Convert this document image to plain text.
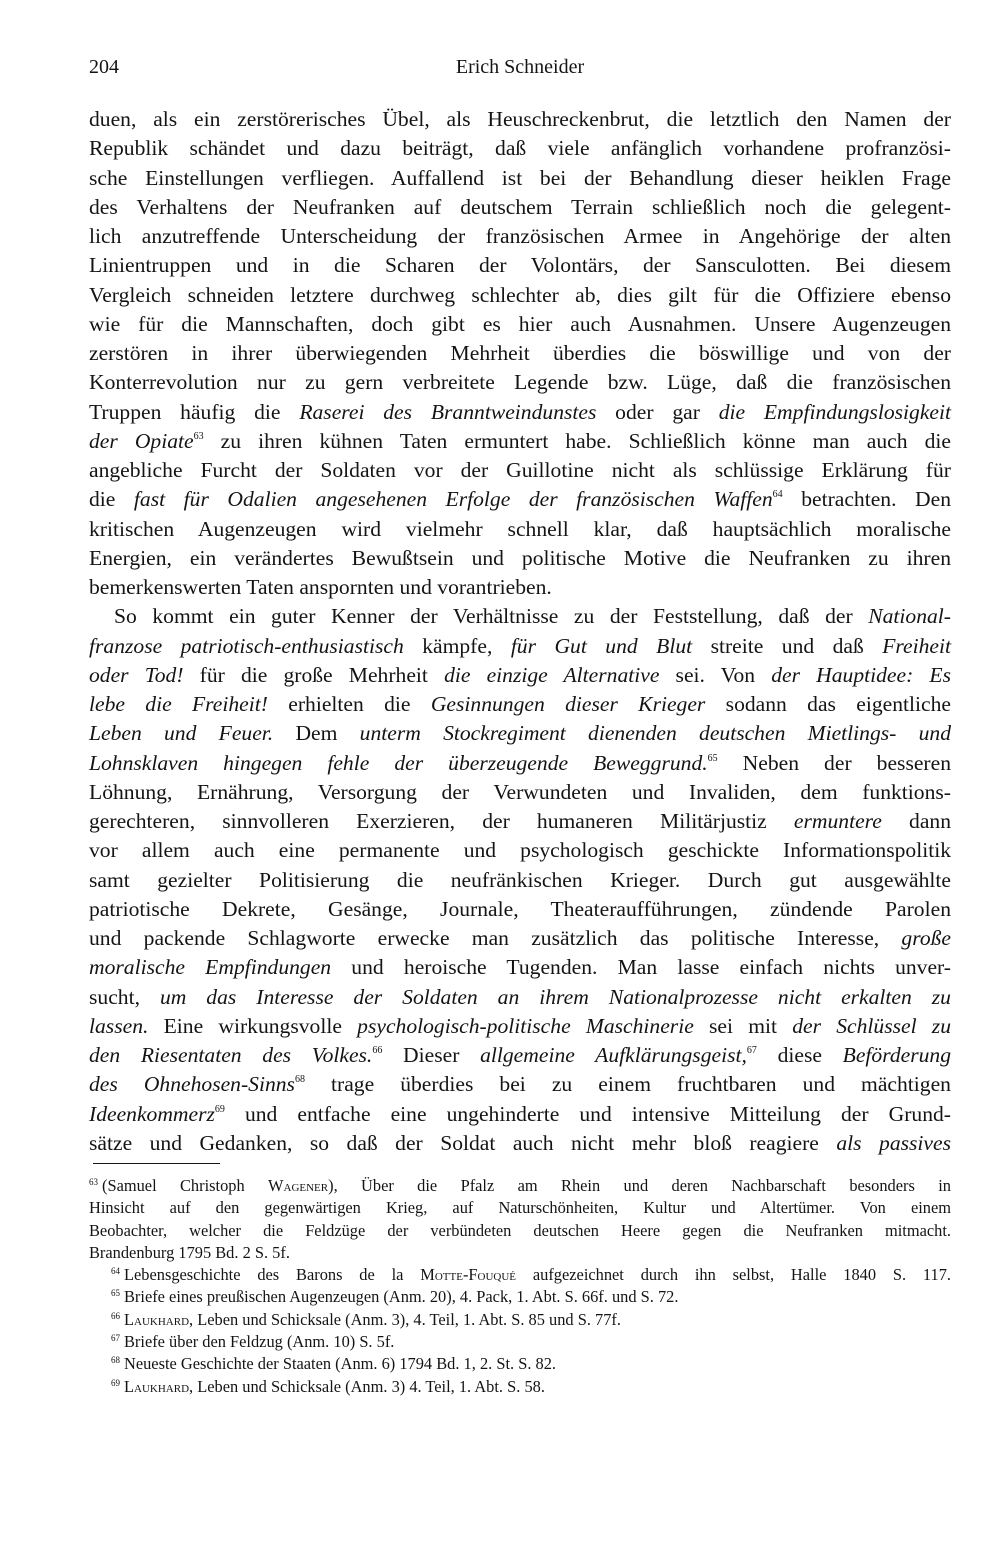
204	Erich Schneider
duen, als ein zerstörerisches Übel, als Heuschreckenbrut, die letztlich den Namen der
Republik schändet und dazu beiträgt, daß viele anfänglich vorhandene profranzösi-
sche Einstellungen verfliegen. Auffallend ist bei der Behandlung dieser heiklen Frage
des Verhaltens der Neufranken auf deutschem Terrain schließlich noch die gelegent-
lich anzutreffende Unterscheidung der französischen Armee in Angehörige der alten
Linientruppen und in die Scharen der Volontärs, der Sansculotten. Bei diesem
Vergleich schneiden letztere durchweg schlechter ab, dies gilt für die Offiziere ebenso
wie für die Mannschaften, doch gibt es hier auch Ausnahmen. Unsere Augenzeugen
zerstören in ihrer überwiegenden Mehrheit überdies die böswillige und von der
Konterrevolution nur zu gern verbreitete Legende bzw. Lüge, daß die französischen
Truppen häufig die Raserei des Branntweindunstes oder gar die Empfindungslosigkeit
der Opiate$^{63}$ zu ihren kühnen Taten ermuntert habe. Schließlich könne man auch die
angebliche Furcht der Soldaten vor der Guillotine nicht als schlüssige Erklärung für
die fast für Odalien angesehenen Erfolge der französischen Waffen$^{64}$ betrachten. Den
kritischen Augenzeugen wird vielmehr schnell klar, daß hauptsächlich moralische
Energien, ein verändertes Bewußtsein und politische Motive die Neufranken zu ihren
bemerkenswerten Taten anspornten und vorantrieben.
So kommt ein guter Kenner der Verhältnisse zu der Feststellung, daß der National-
franzose patriotisch-enthusiastisch kämpfe, für Gut und Blut streite und daß Freiheit
oder Tod! für die große Mehrheit die einzige Alternative sei. Von der Hauptidee: Es
lebe die Freiheit! erhielten die Gesinnungen dieser Krieger sodann das eigentliche
Leben und Feuer. Dem unterm Stockregiment dienenden deutschen Mietlings- und
Lohnsklaven hingegen fehle der überzeugende Beweggrund.$^{65}$ Neben der besseren
Löhnung, Ernährung, Versorgung der Verwundeten und Invaliden, dem funktions-
gerechteren, sinnvolleren Exerzieren, der humaneren Militärjustiz ermuntere dann
vor allem auch eine permanente und psychologisch geschickte Informationspolitik
samt gezielter Politisierung die neufränkischen Krieger. Durch gut ausgewählte
patriotische Dekrete, Gesänge, Journale, Theateraufführungen, zündende Parolen
und packende Schlagworte erwecke man zusätzlich das politische Interesse, große
moralische Empfindungen und heroische Tugenden. Man lasse einfach nichts unver-
sucht, um das Interesse der Soldaten an ihrem Nationalprozesse nicht erkalten zu
lassen. Eine wirkungsvolle psychologisch-politische Maschinerie sei mit der Schlüssel zu
den Riesentaten des Volkes.$^{66}$ Dieser allgemeine Aufklärungsgeist,$^{67}$ diese Beförderung
des Ohnehosen-Sinns$^{68}$ trage überdies bei zu einem fruchtbaren und mächtigen
Ideenkommerz$^{69}$ und entfache eine ungehinderte und intensive Mitteilung der Grund-
sätze und Gedanken, so daß der Soldat auch nicht mehr bloß reagiere als passives
$^{63}$ (Samuel Christoph Wagener), Über die Pfalz am Rhein und deren Nachbarschaft besonders in
Hinsicht auf den gegenwärtigen Krieg, auf Naturschönheiten, Kultur und Altertümer. Von einem
Beobachter, welcher die Feldzüge der verbündeten deutschen Heere gegen die Neufranken mitmacht.
Brandenburg 1795 Bd. 2 S. 5f.
$^{64}$ Lebensgeschichte des Barons de la Motte-Fouqué aufgezeichnet durch ihn selbst, Halle 1840 S. 117.
$^{65}$ Briefe eines preußischen Augenzeugen (Anm. 20), 4. Pack, 1. Abt. S. 66f. und S. 72.
$^{66}$ Laukhard, Leben und Schicksale (Anm. 3), 4. Teil, 1. Abt. S. 85 und S. 77f.
$^{67}$ Briefe über den Feldzug (Anm. 10) S. 5f.
$^{68}$ Neueste Geschichte der Staaten (Anm. 6) 1794 Bd. 1, 2. St. S. 82.
$^{69}$ Laukhard, Leben und Schicksale (Anm. 3) 4. Teil, 1. Abt. S. 58.
